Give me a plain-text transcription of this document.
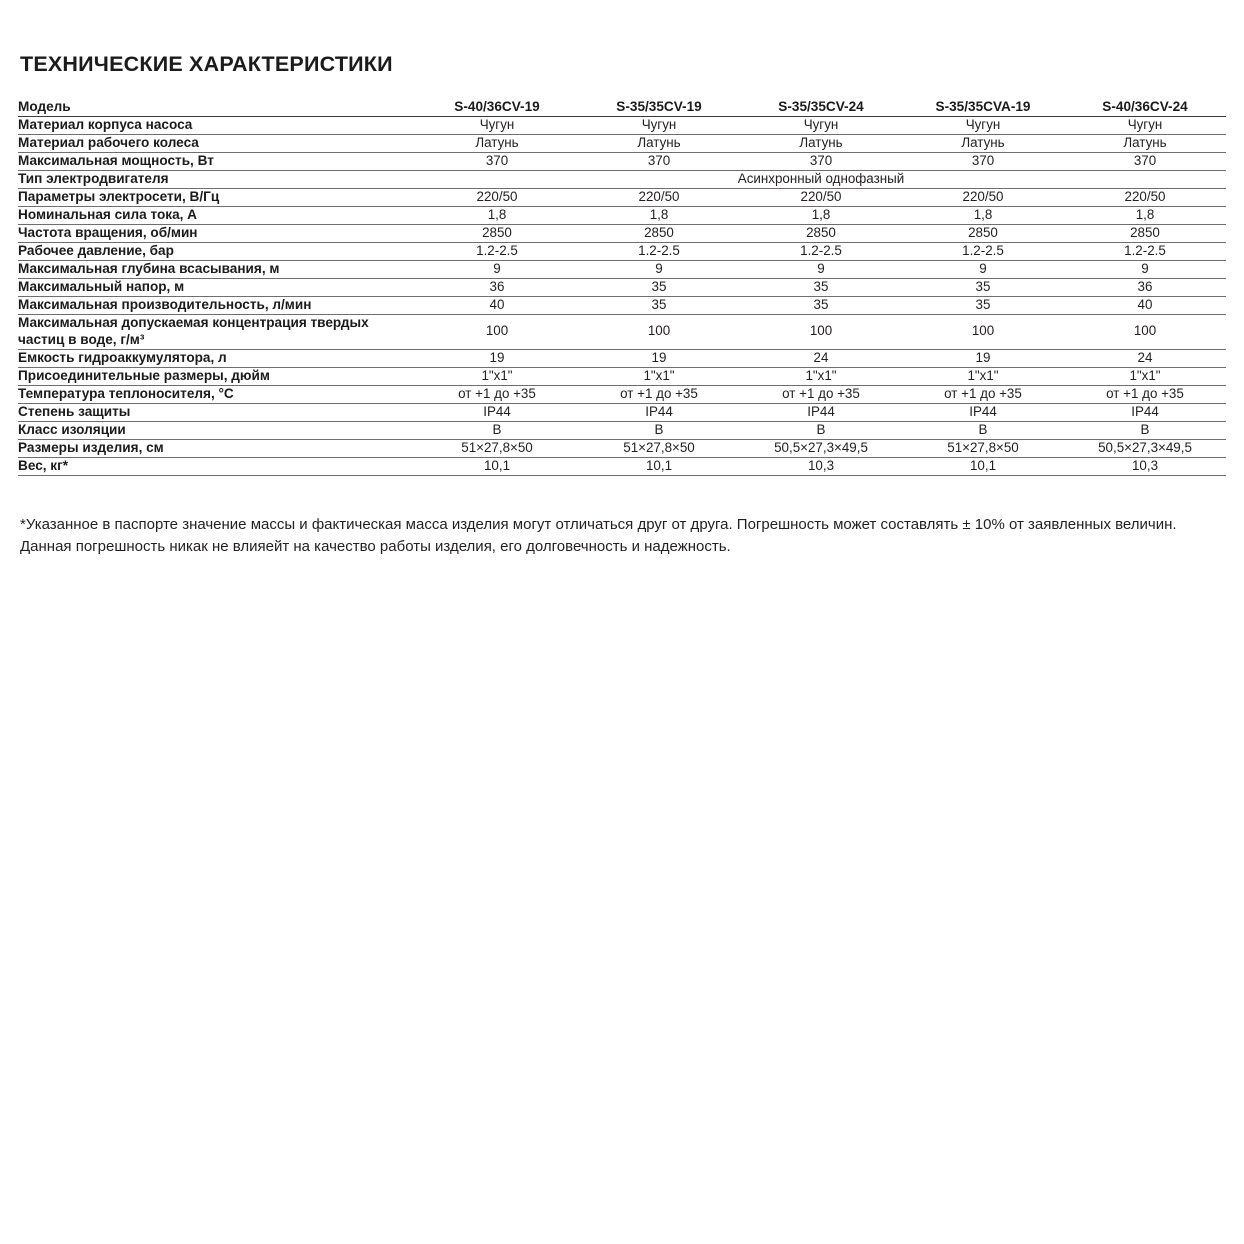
ТЕХНИЧЕСКИЕ ХАРАКТЕРИСТИКИ
Модель	S-40/36CV-19	S-35/35CV-19	S-35/35CV-24	S-35/35CVA-19	S-40/36CV-24
Материал корпуса насоса	Чугун	Чугун	Чугун	Чугун	Чугун
Материал рабочего колеса	Латунь	Латунь	Латунь	Латунь	Латунь
Максимальная мощность, Вт	370	370	370	370	370
Тип электродвигателя	Асинхронный однофазный				
Параметры электросети, В/Гц	220/50	220/50	220/50	220/50	220/50
Номинальная сила тока, А	1,8	1,8	1,8	1,8	1,8
Частота вращения, об/мин	2850	2850	2850	2850	2850
Рабочее давление, бар	1.2-2.5	1.2-2.5	1.2-2.5	1.2-2.5	1.2-2.5
Максимальная глубина всасывания, м	9	9	9	9	9
Максимальный напор, м	36	35	35	35	36
Максимальная производительность, л/мин	40	35	35	35	40
Максимальная допускаемая концентрация твердых частиц в воде, г/м³	100	100	100	100	100
Емкость гидроаккумулятора, л	19	19	24	19	24
Присоединительные размеры, дюйм	1"x1"	1"x1"	1"x1"	1"x1"	1"x1"
Температура теплоносителя, °С	от +1 до +35	от +1 до +35	от +1 до +35	от +1 до +35	от +1 до +35
Степень защиты	IP44	IP44	IP44	IP44	IP44
Класс изоляции	B	B	B	B	B
Размеры изделия, см	51×27,8×50	51×27,8×50	50,5×27,3×49,5	51×27,8×50	50,5×27,3×49,5
Вес, кг*	10,1	10,1	10,3	10,1	10,3

*Указанное в паспорте значение массы и фактическая масса изделия могут отличаться друг от друга. Погрешность может составлять ± 10% от заявленных величин. Данная погрешность никак не влияейт на качество работы изделия, его долговечность и надежность.
